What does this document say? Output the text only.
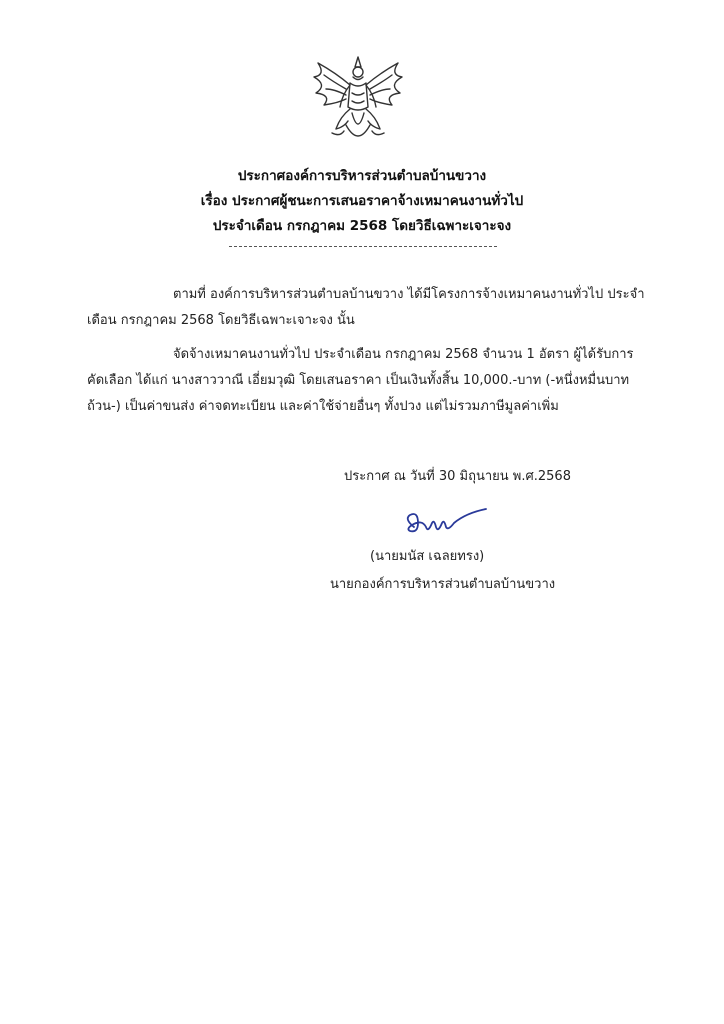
ประกาศองค์การบริหารส่วนตำบลบ้านขวาง
เรื่อง ประกาศผู้ชนะการเสนอราคาจ้างเหมาคนงานทั่วไป
ประจำเดือน กรกฎาคม 2568 โดยวิธีเฉพาะเจาะจง
ตามที่ องค์การบริหารส่วนตำบลบ้านขวาง ได้มีโครงการจ้างเหมาคนงานทั่วไป ประจำเดือน กรกฎาคม 2568 โดยวิธีเฉพาะเจาะจง นั้น
จัดจ้างเหมาคนงานทั่วไป ประจำเดือน กรกฎาคม 2568 จำนวน 1 อัตรา ผู้ได้รับการคัดเลือก ได้แก่ นางสาววาณี เอี่ยมวุฒิ โดยเสนอราคา เป็นเงินทั้งสิ้น 10,000.-บาท (-หนึ่งหมื่นบาทถ้วน-) เป็นค่าขนส่ง ค่าจดทะเบียน และค่าใช้จ่ายอื่นๆ ทั้งปวง แต่ไม่รวมภาษีมูลค่าเพิ่ม
ประกาศ ณ วันที่ 30 มิถุนายน พ.ศ.2568
(นายมนัส เฉลยทรง)
นายกองค์การบริหารส่วนตำบลบ้านขวาง
